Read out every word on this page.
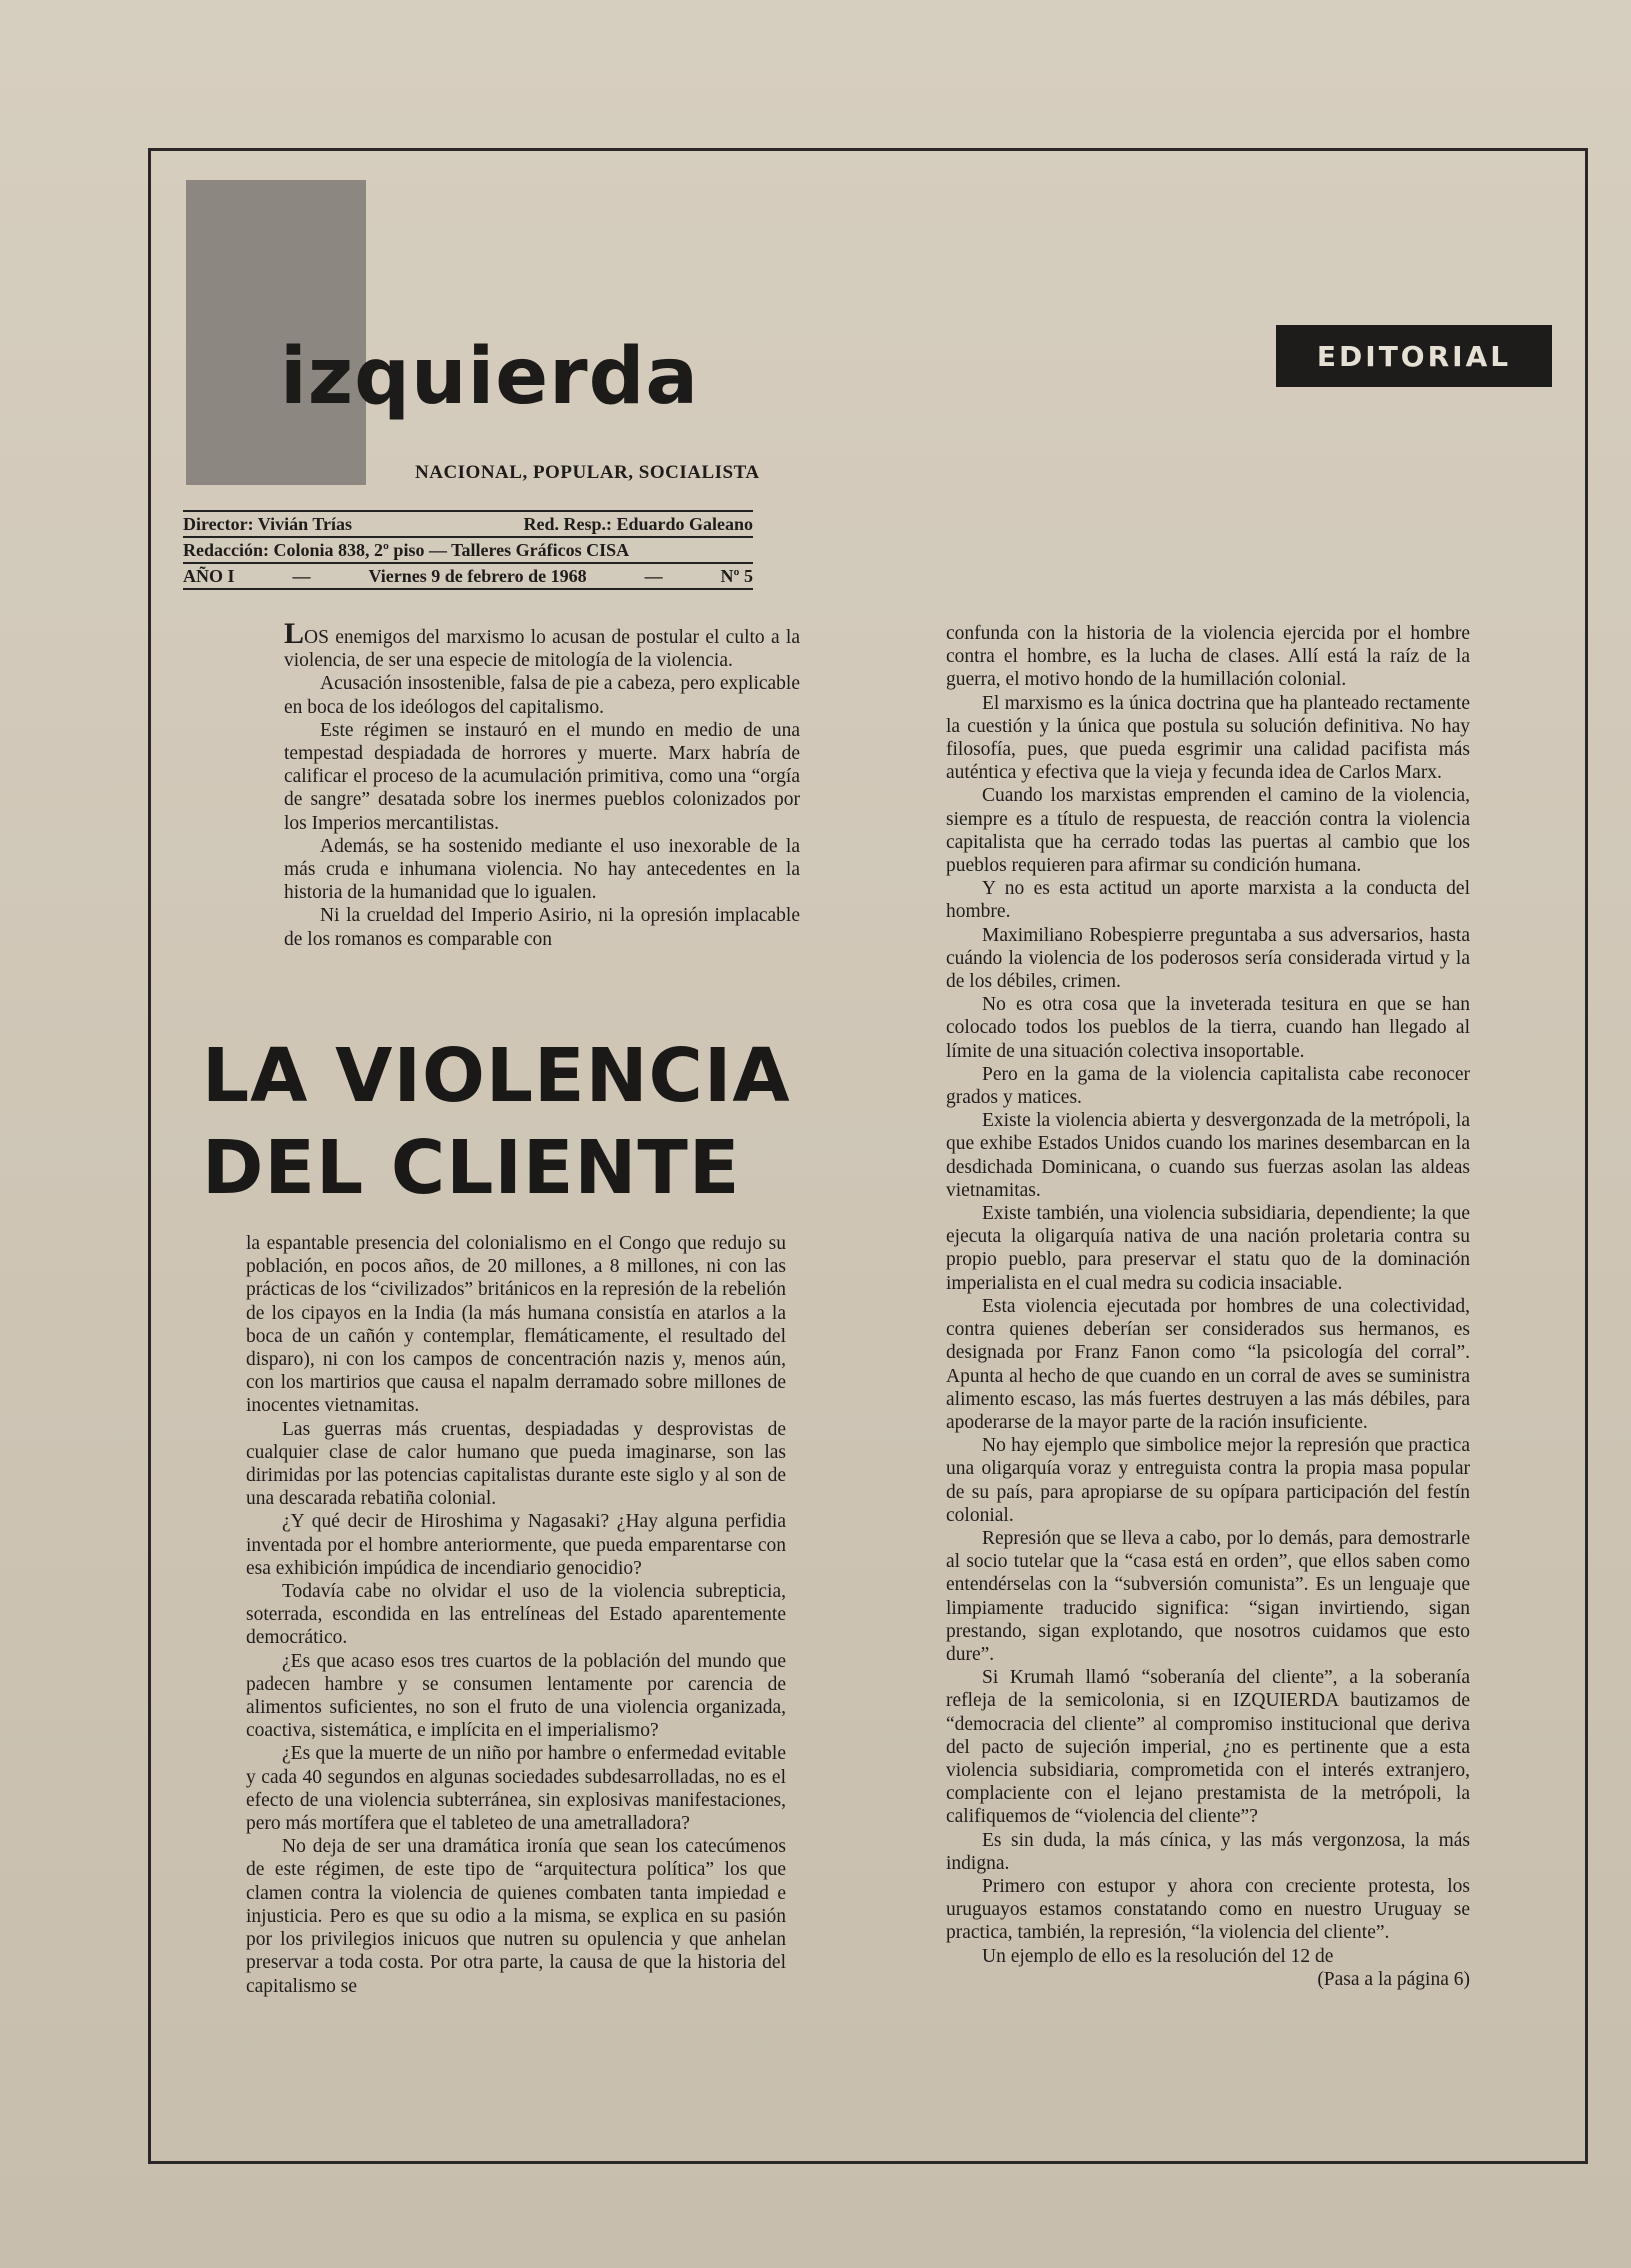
izquierda
NACIONAL, POPULAR, SOCIALISTA
Director: Vivián Trías	Red. Resp.: Eduardo Galeano
Redacción: Colonia 838, 2º piso — Talleres Gráficos CISA
AÑO I	—	Viernes 9 de febrero de 1968	—	Nº 5
EDITORIAL

LOS enemigos del marxismo lo acusan de postular el culto a la violencia, de ser una especie de mitología de la violencia.

Acusación insostenible, falsa de pie a cabeza, pero explicable en boca de los ideólogos del capitalismo.

Este régimen se instauró en el mundo en medio de una tempestad despiadada de horrores y muerte. Marx habría de calificar el proceso de la acumulación primitiva, como una “orgía de sangre” desatada sobre los inermes pueblos colonizados por los Imperios mercantilistas.

Además, se ha sostenido mediante el uso inexorable de la más cruda e inhumana violencia. No hay antecedentes en la historia de la humanidad que lo igualen.

Ni la crueldad del Imperio Asirio, ni la opresión implacable de los romanos es comparable con

LA VIOLENCIA
DEL CLIENTE

la espantable presencia del colonialismo en el Congo que redujo su población, en pocos años, de 20 millones, a 8 millones, ni con las prácticas de los “civilizados” británicos en la represión de la rebelión de los cipayos en la India (la más humana consistía en atarlos a la boca de un cañón y contemplar, flemáticamente, el resultado del disparo), ni con los campos de concentración nazis y, menos aún, con los martirios que causa el napalm derramado sobre millones de inocentes vietnamitas.

Las guerras más cruentas, despiadadas y desprovistas de cualquier clase de calor humano que pueda imaginarse, son las dirimidas por las potencias capitalistas durante este siglo y al son de una descarada rebatiña colonial.

¿Y qué decir de Hiroshima y Nagasaki? ¿Hay alguna perfidia inventada por el hombre anteriormente, que pueda emparentarse con esa exhibición impúdica de incendiario genocidio?

Todavía cabe no olvidar el uso de la violencia subrepticia, soterrada, escondida en las entrelíneas del Estado aparentemente democrático.

¿Es que acaso esos tres cuartos de la población del mundo que padecen hambre y se consumen lentamente por carencia de alimentos suficientes, no son el fruto de una violencia organizada, coactiva, sistemática, e implícita en el imperialismo?

¿Es que la muerte de un niño por hambre o enfermedad evitable y cada 40 segundos en algunas sociedades subdesarrolladas, no es el efecto de una violencia subterránea, sin explosivas manifestaciones, pero más mortífera que el tableteo de una ametralladora?

No deja de ser una dramática ironía que sean los catecúmenos de este régimen, de este tipo de “arquitectura política” los que clamen contra la violencia de quienes combaten tanta impiedad e injusticia. Pero es que su odio a la misma, se explica en su pasión por los privilegios inicuos que nutren su opulencia y que anhelan preservar a toda costa. Por otra parte, la causa de que la historia del capitalismo se

confunda con la historia de la violencia ejercida por el hombre contra el hombre, es la lucha de clases. Allí está la raíz de la guerra, el motivo hondo de la humillación colonial.

El marxismo es la única doctrina que ha planteado rectamente la cuestión y la única que postula su solución definitiva. No hay filosofía, pues, que pueda esgrimir una calidad pacifista más auténtica y efectiva que la vieja y fecunda idea de Carlos Marx.

Cuando los marxistas emprenden el camino de la violencia, siempre es a título de respuesta, de reacción contra la violencia capitalista que ha cerrado todas las puertas al cambio que los pueblos requieren para afirmar su condición humana.

Y no es esta actitud un aporte marxista a la conducta del hombre.

Maximiliano Robespierre preguntaba a sus adversarios, hasta cuándo la violencia de los poderosos sería considerada virtud y la de los débiles, crimen.

No es otra cosa que la inveterada tesitura en que se han colocado todos los pueblos de la tierra, cuando han llegado al límite de una situación colectiva insoportable.

Pero en la gama de la violencia capitalista cabe reconocer grados y matices.

Existe la violencia abierta y desvergonzada de la metrópoli, la que exhibe Estados Unidos cuando los marines desembarcan en la desdichada Dominicana, o cuando sus fuerzas asolan las aldeas vietnamitas.

Existe también, una violencia subsidiaria, dependiente; la que ejecuta la oligarquía nativa de una nación proletaria contra su propio pueblo, para preservar el statu quo de la dominación imperialista en el cual medra su codicia insaciable.

Esta violencia ejecutada por hombres de una colectividad, contra quienes deberían ser considerados sus hermanos, es designada por Franz Fanon como “la psicología del corral”. Apunta al hecho de que cuando en un corral de aves se suministra alimento escaso, las más fuertes destruyen a las más débiles, para apoderarse de la mayor parte de la ración insuficiente.

No hay ejemplo que simbolice mejor la represión que practica una oligarquía voraz y entreguista contra la propia masa popular de su país, para apropiarse de su opípara participación del festín colonial.

Represión que se lleva a cabo, por lo demás, para demostrarle al socio tutelar que la “casa está en orden”, que ellos saben como entendérselas con la “subversión comunista”. Es un lenguaje que limpiamente traducido significa: “sigan invirtiendo, sigan prestando, sigan explotando, que nosotros cuidamos que esto dure”.

Si Krumah llamó “soberanía del cliente”, a la soberanía refleja de la semicolonia, si en IZQUIERDA bautizamos de “democracia del cliente” al compromiso institucional que deriva del pacto de sujeción imperial, ¿no es pertinente que a esta violencia subsidiaria, comprometida con el interés extranjero, complaciente con el lejano prestamista de la metrópoli, la califiquemos de “violencia del cliente”?

Es sin duda, la más cínica, y las más vergonzosa, la más indigna.

Primero con estupor y ahora con creciente protesta, los uruguayos estamos constatando como en nuestro Uruguay se practica, también, la represión, “la violencia del cliente”.

Un ejemplo de ello es la resolución del 12 de

(Pasa a la página 6)
